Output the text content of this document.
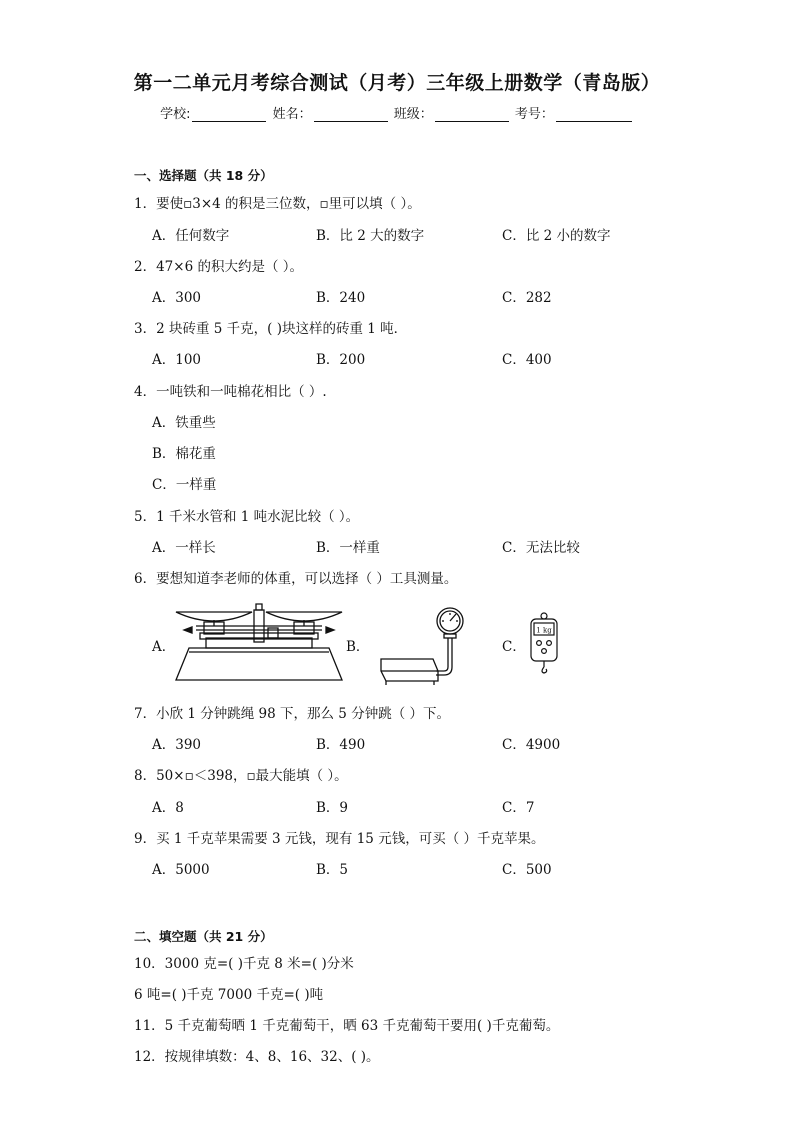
第一二单元月考综合测试（月考）三年级上册数学（青岛版）
学校:	姓名：	班级：	考号：
一、选择题（共 18 分）
1．要使▫3×4 的积是三位数，▫里可以填（ ）。
A．任何数字	B．比 2 大的数字	C．比 2 小的数字
2．47×6 的积大约是（ ）。
A．300	B．240	C．282
3．2 块砖重 5 千克，( )块这样的砖重 1 吨．
A．100	B．200	C．400
4．一吨铁和一吨棉花相比（ ）.
A．铁重些
B．棉花重
C．一样重
5．1 千米水管和 1 吨水泥比较（ ）。
A．一样长	B．一样重	C．无法比较
6．要想知道李老师的体重，可以选择（ ）工具测量。
A．	B．	C．
1 kg
7．小欣 1 分钟跳绳 98 下，那么 5 分钟跳（ ）下。
A．390	B．490	C．4900
8．50×▫＜398，▫最大能填（ ）。
A．8	B．9	C．7
9．买 1 千克苹果需要 3 元钱，现有 15 元钱，可买（ ）千克苹果。
A．5000	B．5	C．500
二、填空题（共 21 分）
10．3000 克=( )千克 8 米=( )分米
6 吨=( )千克 7000 千克=( )吨
11．5 千克葡萄晒 1 千克葡萄干，晒 63 千克葡萄干要用( )千克葡萄。
12．按规律填数：4、8、16、32、( )。
